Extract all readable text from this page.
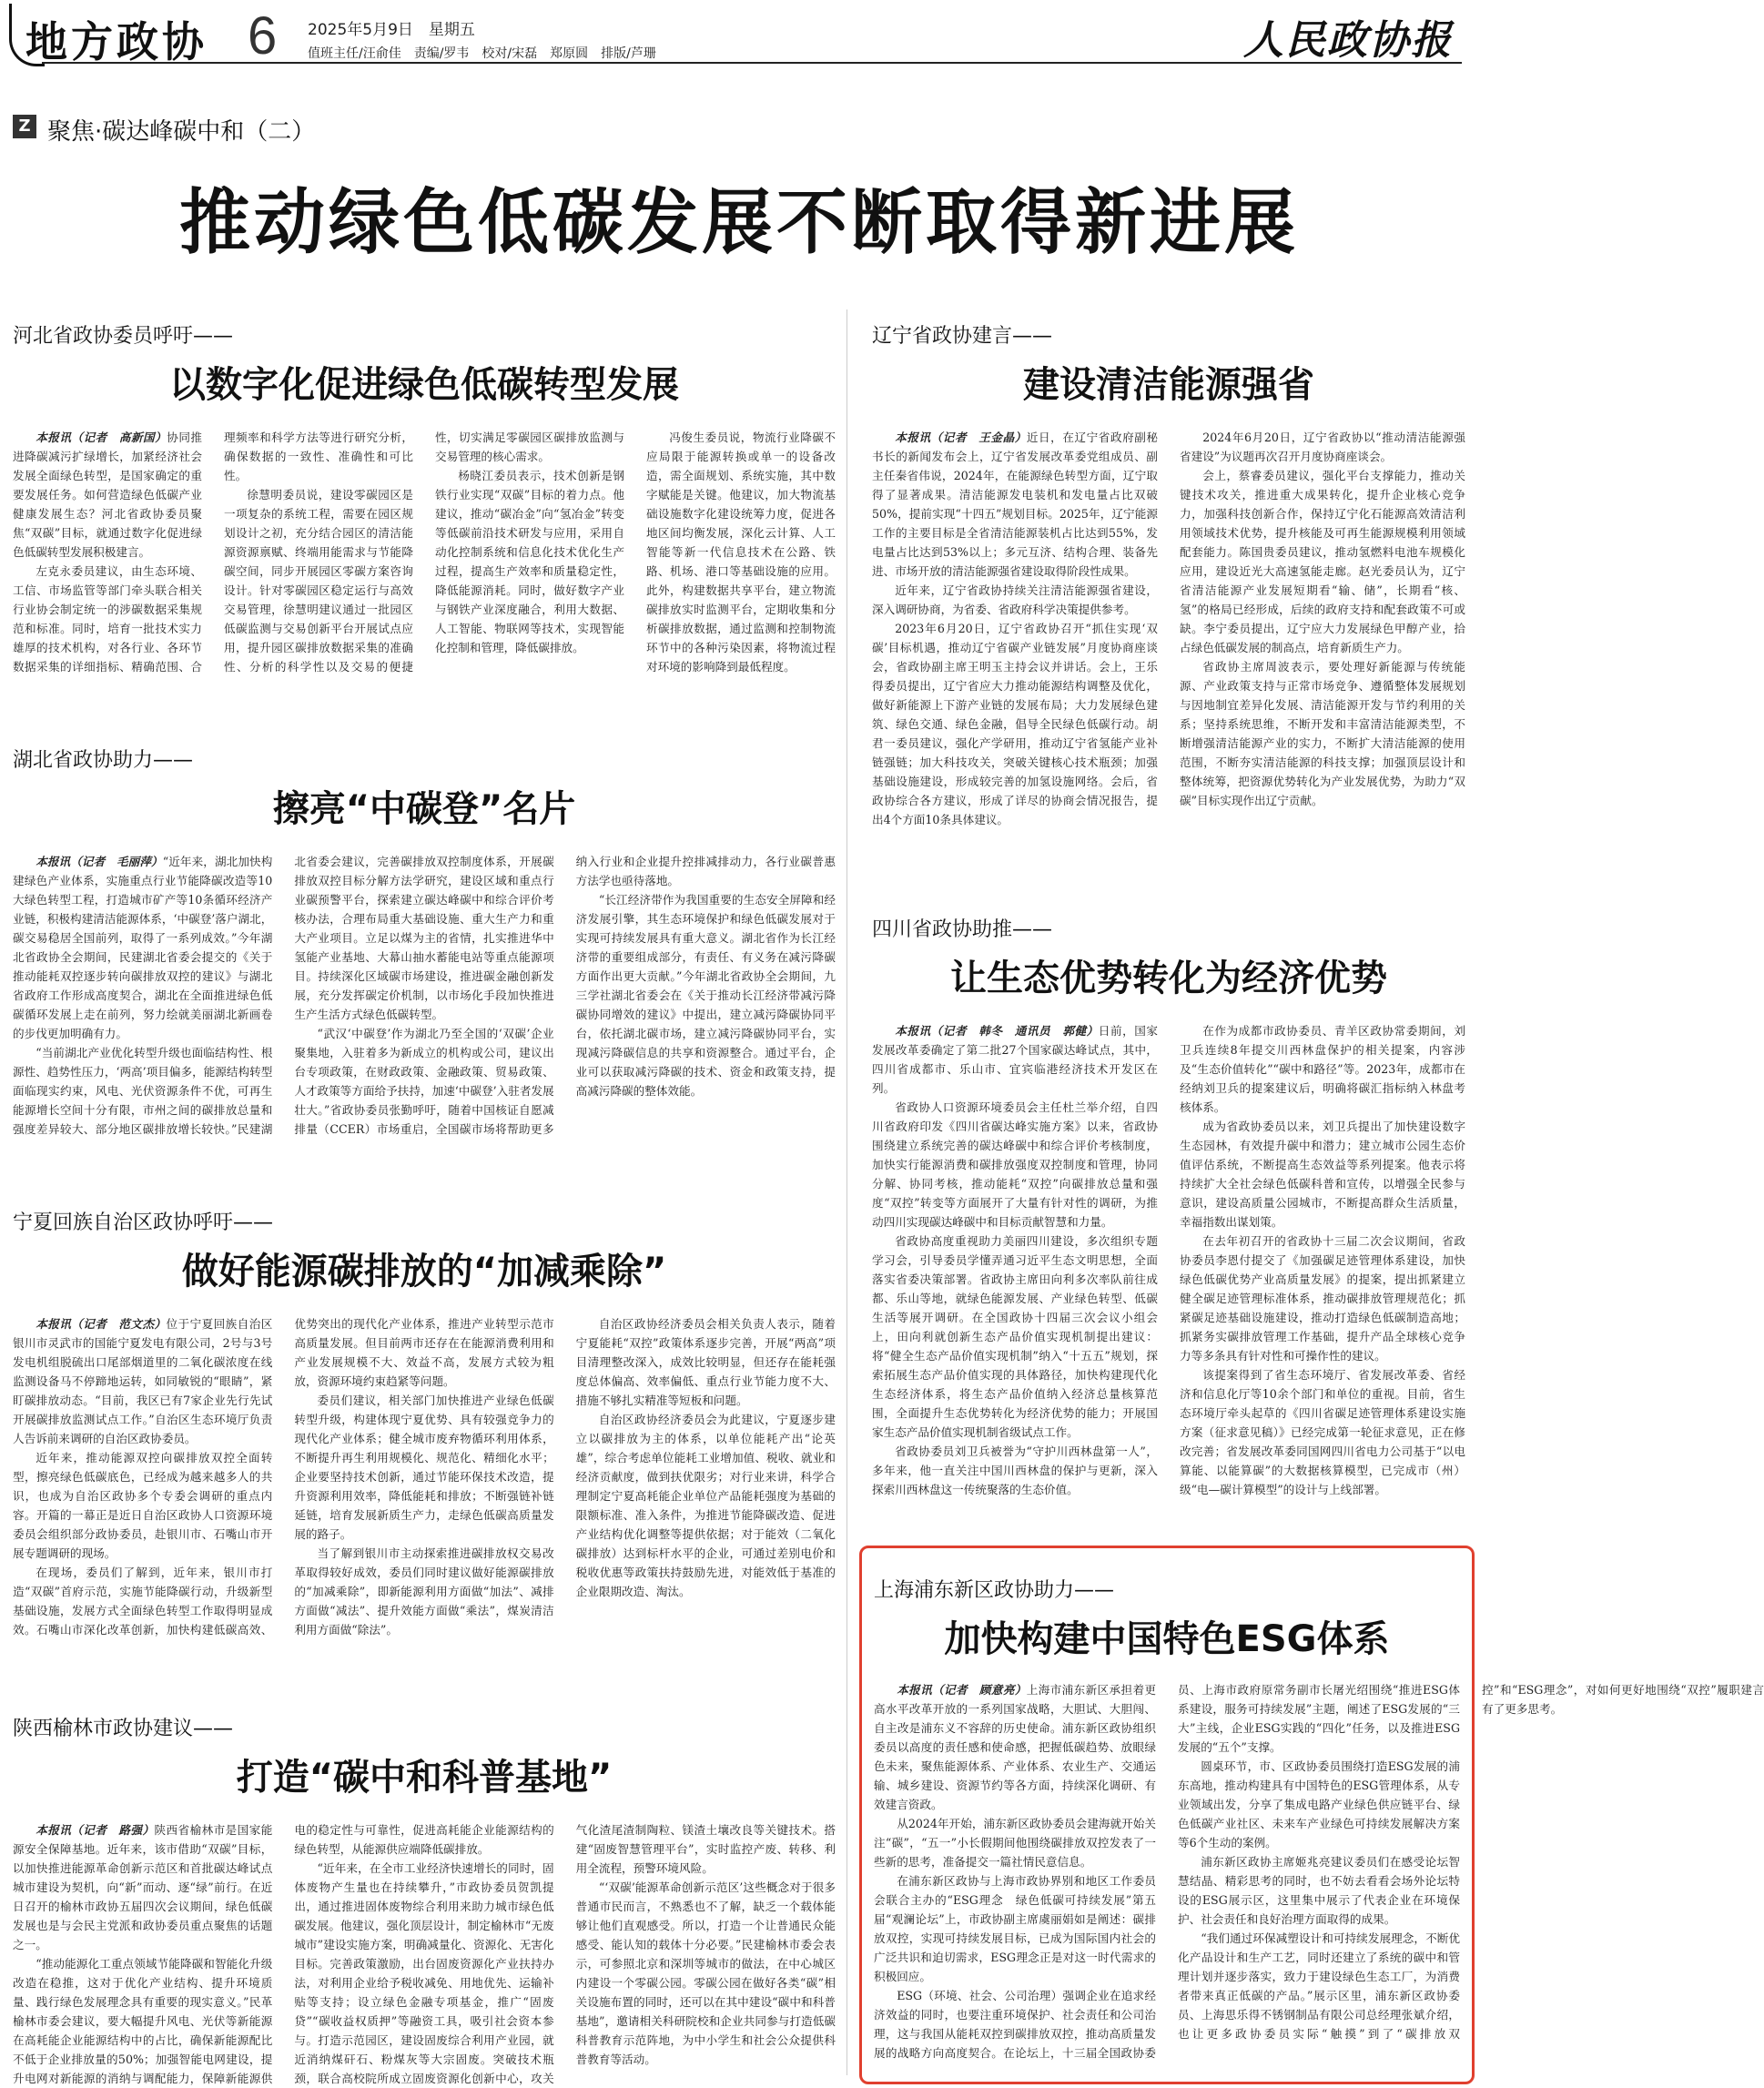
地方政协 6 2025年5月9日　星期五
值班主任/汪俞佳　责编/罗韦　校对/宋磊　郑原圆　排版/芦珊	人民政协报
Z 聚焦·碳达峰碳中和（二）
推动绿色低碳发展不断取得新进展
河北省政协委员呼吁——
以数字化促进绿色低碳转型发展

本报讯（记者　高新国）协同推进降碳减污扩绿增长，加紧经济社会发展全面绿色转型，是国家确定的重要发展任务。如何营造绿色低碳产业健康发展生态？河北省政协委员聚焦“双碳”目标，就通过数字化促进绿色低碳转型发展积极建言。

左克永委员建议，由生态环境、工信、市场监管等部门牵头联合相关行业协会制定统一的涉碳数据采集规范和标准。同时，培育一批技术实力雄厚的技术机构，对各行业、各环节数据采集的详细指标、精确范围、合理频率和科学方法等进行研究分析，确保数据的一致性、准确性和可比性。

徐慧明委员说，建设零碳园区是一项复杂的系统工程，需要在园区规划设计之初，充分结合园区的清洁能源资源禀赋、终端用能需求与节能降碳空间，同步开展园区零碳方案咨询设计。针对零碳园区稳定运行与高效交易管理，徐慧明建议通过一批园区低碳监测与交易创新平台开展试点应用，提升园区碳排放数据采集的准确性、分析的科学性以及交易的便捷性，切实满足零碳园区碳排放监测与交易管理的核心需求。

杨晓江委员表示，技术创新是钢铁行业实现“双碳”目标的着力点。他建议，推动“碳冶金”向“氢冶金”转变等低碳前沿技术研发与应用，采用自动化控制系统和信息化技术优化生产过程，提高生产效率和质量稳定性，降低能源消耗。同时，做好数字产业与钢铁产业深度融合，利用大数据、人工智能、物联网等技术，实现智能化控制和管理，降低碳排放。

冯俊生委员说，物流行业降碳不应局限于能源转换或单一的设备改造，需全面规划、系统实施，其中数字赋能是关键。他建议，加大物流基础设施数字化建设统筹力度，促进各地区间均衡发展，深化云计算、人工智能等新一代信息技术在公路、铁路、机场、港口等基础设施的应用。此外，构建数据共享平台，建立物流碳排放实时监测平台，定期收集和分析碳排放数据，通过监测和控制物流环节中的各种污染因素，将物流过程对环境的影响降到最低程度。

湖北省政协助力——
擦亮“中碳登”名片

本报讯（记者　毛丽萍）“近年来，湖北加快构建绿色产业体系，实施重点行业节能降碳改造等10大绿色转型工程，打造城市矿产等10条循环经济产业链，积极构建清洁能源体系，‘中碳登’落户湖北，碳交易稳居全国前列，取得了一系列成效。”今年湖北省政协全会期间，民建湖北省委会提交的《关于推动能耗双控逐步转向碳排放双控的建议》与湖北省政府工作形成高度契合，湖北在全面推进绿色低碳循环发展上走在前列，努力绘就美丽湖北新画卷的步伐更加明确有力。

“当前湖北产业优化转型升级也面临结构性、根源性、趋势性压力，‘两高’项目偏多，能源结构转型面临现实约束，风电、光伏资源条件不优，可再生能源增长空间十分有限，市州之间的碳排放总量和强度差异较大、部分地区碳排放增长较快。”民建湖北省委会建议，完善碳排放双控制度体系，开展碳排放双控目标分解方法学研究，建设区域和重点行业碳预警平台，探索建立碳达峰碳中和综合评价考核办法，合理布局重大基础设施、重大生产力和重大产业项目。立足以煤为主的省情，扎实推进华中氢能产业基地、大幕山抽水蓄能电站等重点能源项目。持续深化区域碳市场建设，推进碳金融创新发展，充分发挥碳定价机制，以市场化手段加快推进生产生活方式绿色低碳转型。

“武汉‘中碳登’作为湖北乃至全国的‘双碳’企业聚集地，入驻着多为新成立的机构或公司，建议出台专项政策，在财政政策、金融政策、贸易政策、人才政策等方面给予扶持，加速‘中碳登’入驻者发展壮大。”省政协委员张勤呼吁，随着中国核证自愿减排量（CCER）市场重启，全国碳市场将帮助更多纳入行业和企业提升控排减排动力，各行业碳普惠方法学也亟待落地。

“长江经济带作为我国重要的生态安全屏障和经济发展引擎，其生态环境保护和绿色低碳发展对于实现可持续发展具有重大意义。湖北省作为长江经济带的重要组成部分，有责任、有义务在减污降碳方面作出更大贡献。”今年湖北省政协全会期间，九三学社湖北省委会在《关于推动长江经济带减污降碳协同增效的建议》中提出，建立减污降碳协同平台，依托湖北碳市场，建立减污降碳协同平台，实现减污降碳信息的共享和资源整合。通过平台，企业可以获取减污降碳的技术、资金和政策支持，提高减污降碳的整体效能。

宁夏回族自治区政协呼吁——
做好能源碳排放的“加减乘除”

本报讯（记者　范文杰）位于宁夏回族自治区银川市灵武市的国能宁夏发电有限公司，2号与3号发电机组脱硫出口尾部烟道里的二氧化碳浓度在线监测设备马不停蹄地运转，如同敏锐的“眼睛”，紧盯碳排放动态。“目前，我区已有7家企业先行先试开展碳排放监测试点工作。”自治区生态环境厅负责人告诉前来调研的自治区政协委员。

近年来，推动能源双控向碳排放双控全面转型，擦亮绿色低碳底色，已经成为越来越多人的共识，也成为自治区政协多个专委会调研的重点内容。开篇的一幕正是近日自治区政协人口资源环境委员会组织部分政协委员，赴银川市、石嘴山市开展专题调研的现场。

在现场，委员们了解到，近年来，银川市打造“双碳”首府示范，实施节能降碳行动，升级新型基础设施，发展方式全面绿色转型工作取得明显成效。石嘴山市深化改革创新，加快构建低碳高效、优势突出的现代化产业体系，推进产业转型示范市高质量发展。但目前两市还存在在能源消费利用和产业发展规模不大、效益不高，发展方式较为粗放，资源环境约束趋紧等问题。

委员们建议，相关部门加快推进产业绿色低碳转型升级，构建体现宁夏优势、具有较强竞争力的现代化产业体系；健全城市废弃物循环利用体系，不断提升再生利用规模化、规范化、精细化水平；企业要坚持技术创新，通过节能环保技术改造，提升资源利用效率，降低能耗和排放；不断强链补链延链，培育发展新质生产力，走绿色低碳高质量发展的路子。

当了解到银川市主动探索推进碳排放权交易改革取得较好成效，委员们同时建议做好能源碳排放的“加减乘除”，即新能源利用方面做“加法”、减排方面做“减法”、提升效能方面做“乘法”，煤炭清洁利用方面做“除法”。

自治区政协经济委员会相关负责人表示，随着宁夏能耗“双控”政策体系逐步完善，开展“两高”项目清理整改深入，成效比较明显，但还存在能耗强度总体偏高、效率偏低、重点行业节能力度不大、措施不够扎实精准等短板和问题。

自治区政协经济委员会为此建议，宁夏逐步建立以碳排放为主的体系，以单位能耗产出“论英雄”，综合考虑单位能耗工业增加值、税收、就业和经济贡献度，做到扶优限劣；对行业来讲，科学合理制定宁夏高耗能企业单位产品能耗强度为基础的限额标准、准入条件，为推进节能降碳改造、促进产业结构优化调整等提供依据；对于能效（二氧化碳排放）达到标杆水平的企业，可通过差别电价和税收优惠等政策扶持鼓励先进，对能效低于基准的企业限期改造、淘汰。

陕西榆林市政协建议——
打造“碳中和科普基地”

本报讯（记者　路强）陕西省榆林市是国家能源安全保障基地。近年来，该市借助“双碳”目标，以加快推进能源革命创新示范区和首批碳达峰试点城市建设为契机，向“新”而动、逐“绿”前行。在近日召开的榆林市政协五届四次会议期间，绿色低碳发展也是与会民主党派和政协委员重点聚焦的话题之一。

“推动能源化工重点领域节能降碳和智能化升级改造在稳推，这对于优化产业结构、提升环境质量、践行绿色发展理念具有重要的现实意义。”民革榆林市委会建议，要大幅提升风电、光伏等新能源在高耗能企业能源结构中的占比，确保新能源配比不低于企业排放量的50%；加强智能电网建设，提升电网对新能源的消纳与调配能力，保障新能源供电的稳定性与可靠性，促进高耗能企业能源结构的绿色转型，从能源供应端降低碳排放。

“近年来，在全市工业经济快速增长的同时，固体废物产生量也在持续攀升，”市政协委员贺凯提出，通过推进固体废物综合利用来助力城市绿色低碳发展。他建议，强化顶层设计，制定榆林市“无废城市”建设实施方案，明确减量化、资源化、无害化目标。完善政策激励，出台固废资源化产业扶持办法，对利用企业给予税收减免、用地优先、运输补贴等支持；设立绿色金融专项基金，推广“固废贷”“碳收益权质押”等融资工具，吸引社会资本参与。打造示范园区，建设固废综合利用产业园，就近消纳煤矸石、粉煤灰等大宗固废。突破技术瓶颈，联合高校院所成立固废资源化创新中心，攻关气化渣尾渣制陶粒、镁渣土壤改良等关键技术。搭建“固废智慧管理平台”，实时监控产废、转移、利用全流程，预警环境风险。

“‘双碳’能源革命创新示范区’这些概念对于很多普通市民而言，不熟悉也不了解，缺乏一个载体能够让他们直观感受。所以，打造一个让普通民众能感受、能认知的载体十分必要。”民建榆林市委会表示，可参照北京和深圳等城市的做法，在中心城区内建设一个零碳公园。零碳公园在做好各类“碳”相关设施布置的同时，还可以在其中建设“碳中和科普基地”，邀请相关科研院校和企业共同参与打造低碳科普教育示范阵地，为中小学生和社会公众提供科普教育等活动。

辽宁省政协建言——
建设清洁能源强省

本报讯（记者　王金晶）近日，在辽宁省政府副秘书长的新闻发布会上，辽宁省发展改革委党组成员、副主任秦省伟说，2024年，在能源绿色转型方面，辽宁取得了显著成果。清洁能源发电装机和发电量占比双破50%，提前实现“十四五”规划目标。2025年，辽宁能源工作的主要目标是全省清洁能源装机占比达到55%，发电量占比达到53%以上；多元互济、结构合理、装备先进、市场开放的清洁能源强省建设取得阶段性成果。

近年来，辽宁省政协持续关注清洁能源强省建设，深入调研协商，为省委、省政府科学决策提供参考。

2023年6月20日，辽宁省政协召开“抓住实现‘双碳’目标机遇，推动辽宁省碳产业链发展”月度协商座谈会，省政协副主席王明玉主持会议并讲话。会上，王乐得委员提出，辽宁省应大力推动能源结构调整及优化，做好新能源上下游产业链的发展布局；大力发展绿色建筑、绿色交通、绿色金融，倡导全民绿色低碳行动。胡君一委员建议，强化产学研用，推动辽宁省氢能产业补链强链；加大科技攻关，突破关键核心技术瓶颈；加强基础设施建设，形成较完善的加氢设施网络。会后，省政协综合各方建议，形成了详尽的协商会情况报告，提出4个方面10条具体建议。

2024年6月20日，辽宁省政协以“推动清洁能源强省建设”为议题再次召开月度协商座谈会。

会上，蔡睿委员建议，强化平台支撑能力，推动关键技术攻关，推进重大成果转化，提升企业核心竞争力，加强科技创新合作，保持辽宁化石能源高效清洁利用领域技术优势，提升核能及可再生能源规模利用领域配套能力。陈国贵委员建议，推动氢燃料电池车规模化应用，建设近光大高速氢能走廊。赵光委员认为，辽宁省清洁能源产业发展短期看“输、储”，长期看“核、氢”的格局已经形成，后续的政府支持和配套政策不可或缺。李宁委员提出，辽宁应大力发展绿色甲醇产业，拾占绿色低碳发展的制高点，培育新质生产力。

省政协主席周波表示，要处理好新能源与传统能源、产业政策支持与正常市场竞争、遵循整体发展规划与因地制宜差异化发展、清洁能源开发与节约利用的关系；坚持系统思维，不断开发和丰富清洁能源类型，不断增强清洁能源产业的实力，不断扩大清洁能源的使用范围，不断夯实清洁能源的科技支撑；加强顶层设计和整体统筹，把资源优势转化为产业发展优势，为助力“双碳”目标实现作出辽宁贡献。

四川省政协助推——
让生态优势转化为经济优势

本报讯（记者　韩冬　通讯员　郭健）日前，国家发展改革委确定了第二批27个国家碳达峰试点，其中，四川省成都市、乐山市、宜宾临港经济技术开发区在列。

省政协人口资源环境委员会主任杜兰举介绍，自四川省政府印发《四川省碳达峰实施方案》以来，省政协围绕建立系统完善的碳达峰碳中和综合评价考核制度，加快实行能源消费和碳排放强度双控制度和管理，协同分解、协同考核，推动能耗“双控”向碳排放总量和强度“双控”转变等方面展开了大量有针对性的调研，为推动四川实现碳达峰碳中和目标贡献智慧和力量。

省政协高度重视助力美丽四川建设，多次组织专题学习会，引导委员学懂弄通习近平生态文明思想，全面落实省委决策部署。省政协主席田向利多次率队前往成都、乐山等地，就绿色能源发展、产业绿色转型、低碳生活等展开调研。在全国政协十四届三次会议小组会上，田向利就创新生态产品价值实现机制提出建议：将“健全生态产品价值实现机制”纳入“十五五”规划，探索拓展生态产品价值实现的具体路径，加快构建现代化生态经济体系，将生态产品价值纳入经济总量核算范围，全面提升生态优势转化为经济优势的能力；开展国家生态产品价值实现机制省级试点工作。

省政协委员刘卫兵被誉为“守护川西林盘第一人”，多年来，他一直关注中国川西林盘的保护与更新，深入探索川西林盘这一传统聚落的生态价值。

在作为成都市政协委员、青羊区政协常委期间，刘卫兵连续8年提交川西林盘保护的相关提案，内容涉及“生态价值转化”“碳中和路径”等。2023年，成都市在经纳刘卫兵的提案建议后，明确将碳汇指标纳入林盘考核体系。

成为省政协委员以来，刘卫兵提出了加快建设数字生态园林，有效提升碳中和潜力；建立城市公园生态价值评估系统，不断提高生态效益等系列提案。他表示将持续扩大全社会绿色低碳科普和宣传，以增强全民参与意识，建设高质量公园城市，不断提高群众生活质量，幸福指数出谋划策。

在去年初召开的省政协十三届二次会议期间，省政协委员李恩付提交了《加强碳足迹管理体系建设，加快绿色低碳优势产业高质量发展》的提案，提出抓紧建立健全碳足迹管理标准体系，推动碳排放管理规范化；抓紧碳足迹基础设施建设，推动打造绿色低碳制造高地；抓紧务实碳排放管理工作基础，提升产品全球核心竞争力等多条具有针对性和可操作性的建议。

该提案得到了省生态环境厅、省发展改革委、省经济和信息化厅等10余个部门和单位的重视。目前，省生态环境厅牵头起草的《四川省碳足迹管理体系建设实施方案（征求意见稿）》已经完成第一轮征求意见，正在修改完善；省发展改革委同国网四川省电力公司基于“以电算能、以能算碳”的大数据核算模型，已完成市（州）级“电—碳计算模型”的设计与上线部署。

上海浦东新区政协助力——
加快构建中国特色ESG体系

本报讯（记者　顾意亮）上海市浦东新区承担着更高水平改革开放的一系列国家战略，大胆试、大胆闯、自主改是浦东义不容辞的历史使命。浦东新区政协组织委员以高度的责任感和使命感，把握低碳趋势、放眼绿色未来，聚焦能源体系、产业体系、农业生产、交通运输、城乡建设、资源节约等各方面，持续深化调研、有效建言资政。

从2024年开始，浦东新区政协委员会建海就开始关注“碳”，“五一”小长假期间他围绕碳排放双控发表了一些新的思考，准备提交一篇社情民意信息。

在浦东新区政协与上海市政协界别和地区工作委员会联合主办的“ESG理念　绿色低碳可持续发展”第五届“观澜论坛”上，市政协副主席虞丽娟如是阐述：碳排放双控，实现可持续发展目标，已成为国际国内社会的广泛共识和迫切需求，ESG理念正是对这一时代需求的积极回应。

ESG（环境、社会、公司治理）强调企业在追求经济效益的同时，也要注重环境保护、社会责任和公司治理，这与我国从能耗双控到碳排放双控，推动高质量发展的战略方向高度契合。在论坛上，十三届全国政协委员、上海市政府原常务副市长屠光绍围绕“推进ESG体系建设，服务可持续发展”主题，阐述了ESG发展的“三大”主线，企业ESG实践的“四化”任务，以及推进ESG发展的“五个”支撑。

圆桌环节，市、区政协委员围绕打造ESG发展的浦东高地，推动构建具有中国特色的ESG管理体系，从专业领域出发，分享了集成电路产业绿色供应链平台、绿色低碳产业社区、未来车产业绿色可持续发展解决方案等6个生动的案例。

浦东新区政协主席姬兆亮建议委员们在感受论坛智慧结晶、精彩思考的同时，也不妨去看看会场外论坛特设的ESG展示区，这里集中展示了代表企业在环境保护、社会责任和良好治理方面取得的成果。

“我们通过环保减塑设计和可持续发展理念，不断优化产品设计和生产工艺，同时还建立了系统的碳中和管理计划并逐步落实，致力于建设绿色生态工厂，为消费者带来真正低碳的产品。”展示区里，浦东新区政协委员、上海思乐得不锈钢制品有限公司总经理张斌介绍，也让更多政协委员实际“触摸”到了“碳排放双控”和“ESG理念”，对如何更好地围绕“双控”履职建言有了更多思考。
